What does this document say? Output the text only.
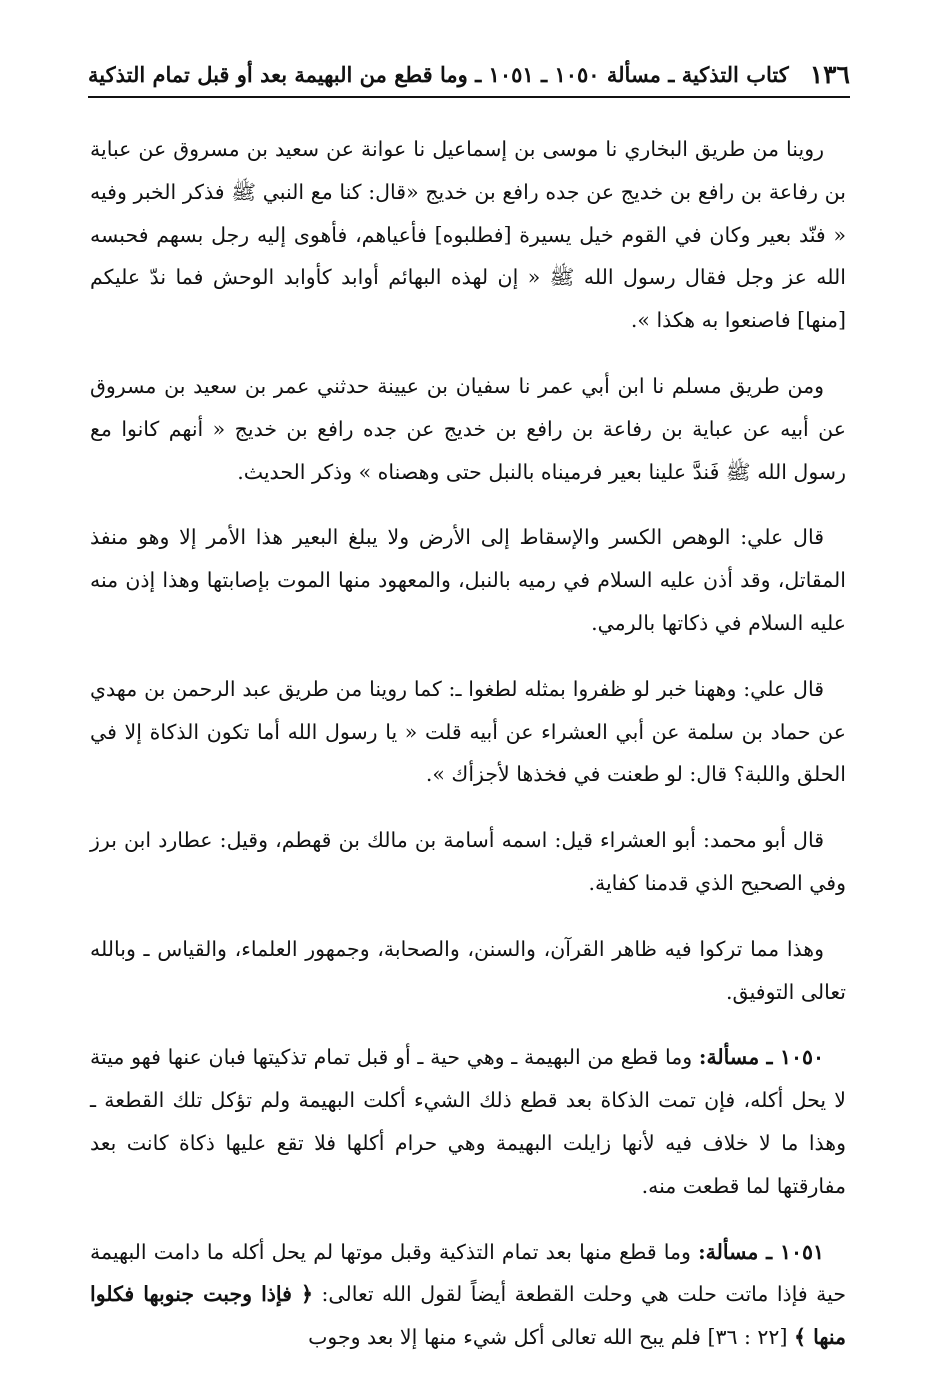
١٣٦
كتاب التذكية ـ مسألة ١٠٥٠ ـ ١٠٥١ ـ وما قطع من البهيمة بعد أو قبل تمام التذكية

روينا من طريق البخاري نا موسى بن إسماعيل نا عوانة عن سعيد بن مسروق عن عباية بن رفاعة بن رافع بن خديج عن جده رافع بن خديج «قال: كنا مع النبي ﷺ فذكر الخبر وفيه « فنّد بعير وكان في القوم خيل يسيرة [فطلبوه] فأعياهم، فأهوى إليه رجل بسهم فحبسه الله عز وجل فقال رسول الله ﷺ « إن لهذه البهائم أوابد كأوابد الوحش فما ندّ عليكم [منها] فاصنعوا به هكذا ».

ومن طريق مسلم نا ابن أبي عمر نا سفيان بن عيينة حدثني عمر بن سعيد بن مسروق عن أبيه عن عباية بن رفاعة بن رافع بن خديج عن جده رافع بن خديج « أنهم كانوا مع رسول الله ﷺ فَندَّ علينا بعير فرميناه بالنبل حتى وهصناه » وذكر الحديث.

قال علي: الوهص الكسر والإسقاط إلى الأرض ولا يبلغ البعير هذا الأمر إلا وهو منفذ المقاتل، وقد أذن عليه السلام في رميه بالنبل، والمعهود منها الموت بإصابتها وهذا إذن منه عليه السلام في ذكاتها بالرمي.

قال علي: وههنا خبر لو ظفروا بمثله لطغوا ـ: كما روينا من طريق عبد الرحمن بن مهدي عن حماد بن سلمة عن أبي العشراء عن أبيه قلت « يا رسول الله أما تكون الذكاة إلا في الحلق واللبة؟ قال: لو طعنت في فخذها لأجزأك ».

قال أبو محمد: أبو العشراء قيل: اسمه أسامة بن مالك بن قهطم، وقيل: عطارد ابن برز وفي الصحيح الذي قدمنا كفاية.

وهذا مما تركوا فيه ظاهر القرآن، والسنن، والصحابة، وجمهور العلماء، والقياس ـ وبالله تعالى التوفيق.

١٠٥٠ ـ مسألة: وما قطع من البهيمة ـ وهي حية ـ أو قبل تمام تذكيتها فبان عنها فهو ميتة لا يحل أكله، فإن تمت الذكاة بعد قطع ذلك الشيء أكلت البهيمة ولم تؤكل تلك القطعة ـ وهذا ما لا خلاف فيه لأنها زايلت البهيمة وهي حرام أكلها فلا تقع عليها ذكاة كانت بعد مفارقتها لما قطعت منه.

١٠٥١ ـ مسألة: وما قطع منها بعد تمام التذكية وقبل موتها لم يحل أكله ما دامت البهيمة حية فإذا ماتت حلت هي وحلت القطعة أيضاً لقول الله تعالى: ﴿ فإذا وجبت جنوبها فكلوا منها ﴾ [٢٢ : ٣٦] فلم يبح الله تعالى أكل شيء منها إلا بعد وجوب
